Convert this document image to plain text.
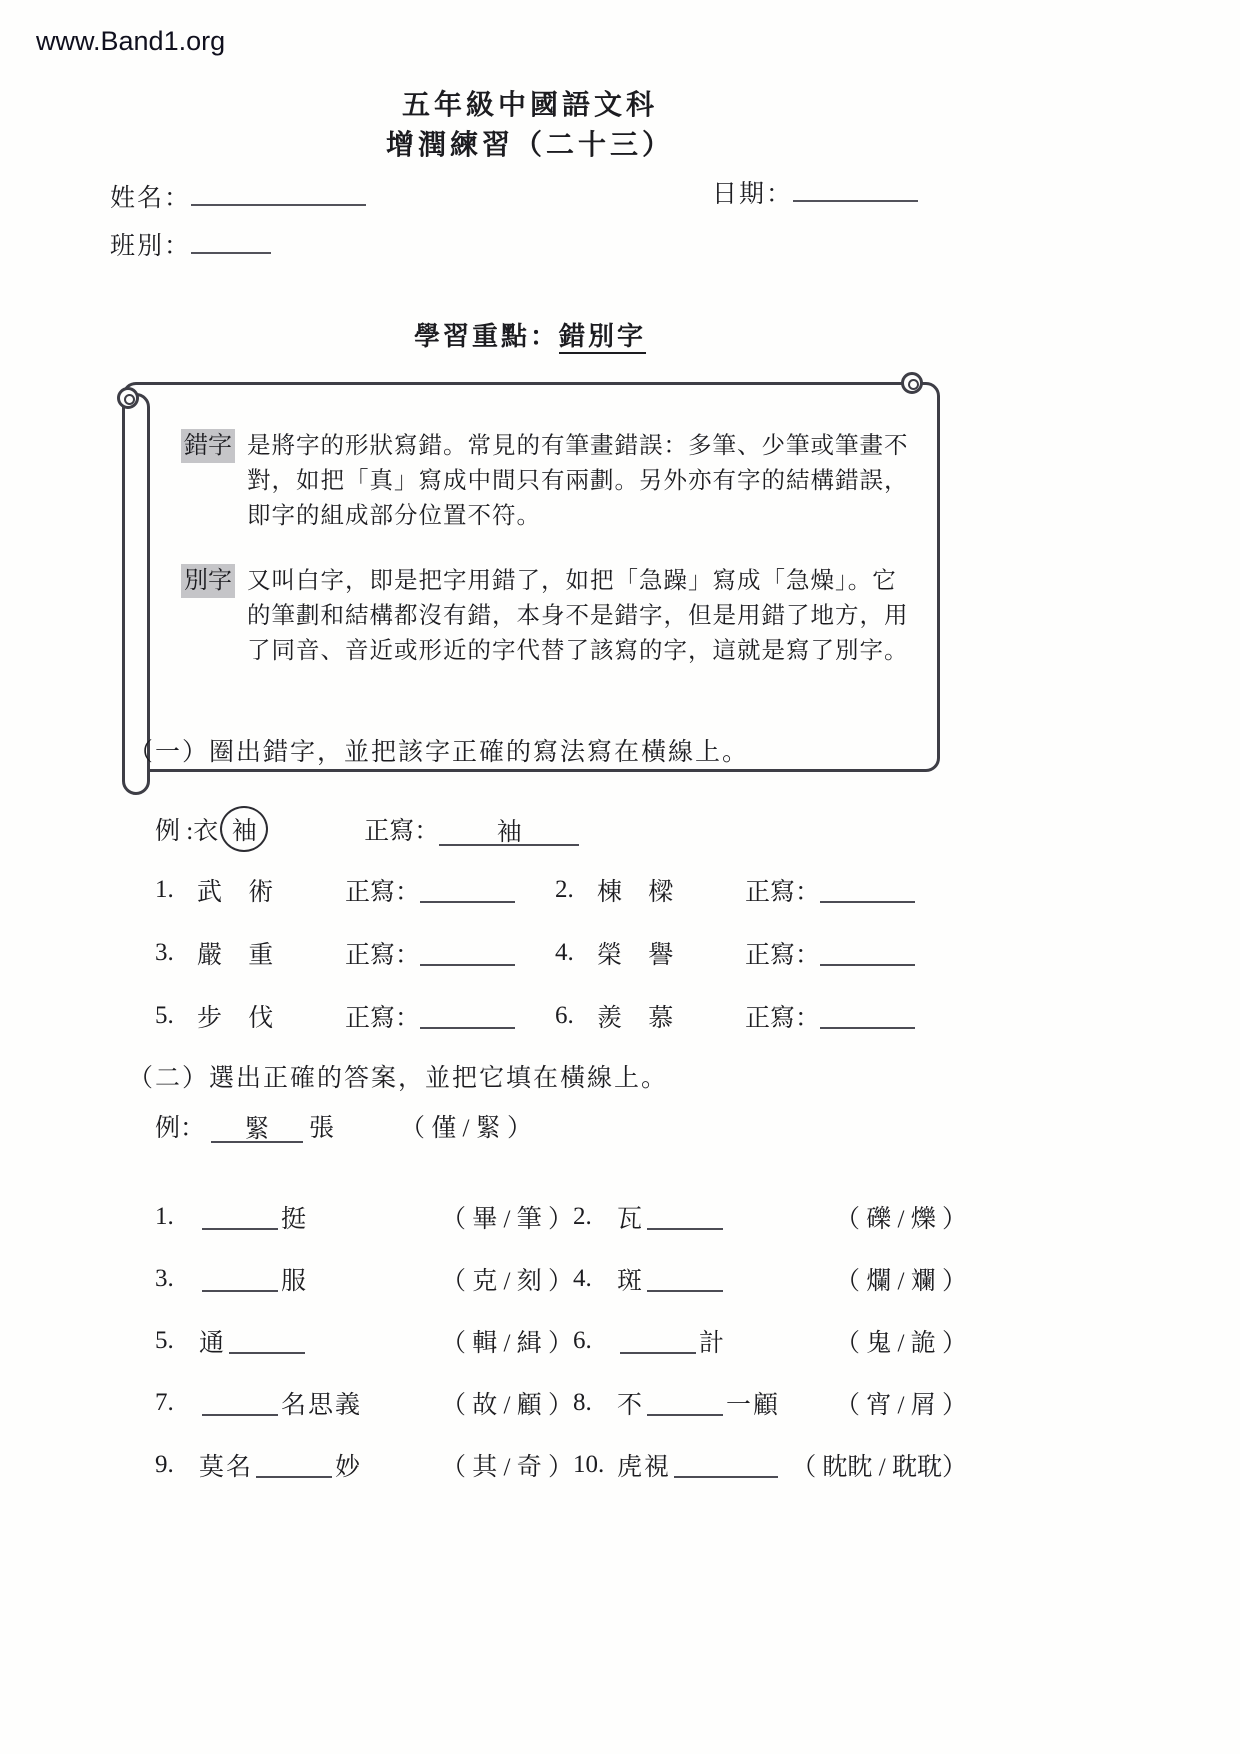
www.Band1.org
五年級中國語文科
增潤練習（二十三）
姓名：	日期：
班別：
學習重點：錯別字
錯字 是將字的形狀寫錯。常見的有筆畫錯誤：多筆、少筆或筆畫不對，如把「真」寫成中間只有兩劃。另外亦有字的結構錯誤，即字的組成部分位置不符。
別字 又叫白字，即是把字用錯了，如把「急躁」寫成「急燥」。它的筆劃和結構都沒有錯，本身不是錯字，但是用錯了地方，用了同音、音近或形近的字代替了該寫的字，這就是寫了別字。
（一）圈出錯字，並把該字正確的寫法寫在橫線上。
例 : 衣 袖	正寫：	袖
1. 武 術	正寫：	2. 棟 樑	正寫：
3. 嚴 重	正寫：	4. 榮 譽	正寫：
5. 步 伐	正寫：	6. 羨 慕	正寫：
（二）選出正確的答案，並把它填在橫線上。
例：	緊	張 （ 僅 / 緊 ）
1.	挺	（ 畢 / 筆 ） 2.	瓦	（ 礫 / 爍 ）
3.	服	（ 克 / 刻 ） 4.	斑	（ 爛 / 斕 ）
5.	通	（ 輯 / 緝 ） 6.	計	（ 鬼 / 詭 ）
7.	名思義	（ 故 / 顧 ） 8.	不	一顧 （ 宵 / 屑 ）
9.	莫名	妙	（ 其 / 奇 ） 10. 虎視	（ 眈眈 / 耽耽）
